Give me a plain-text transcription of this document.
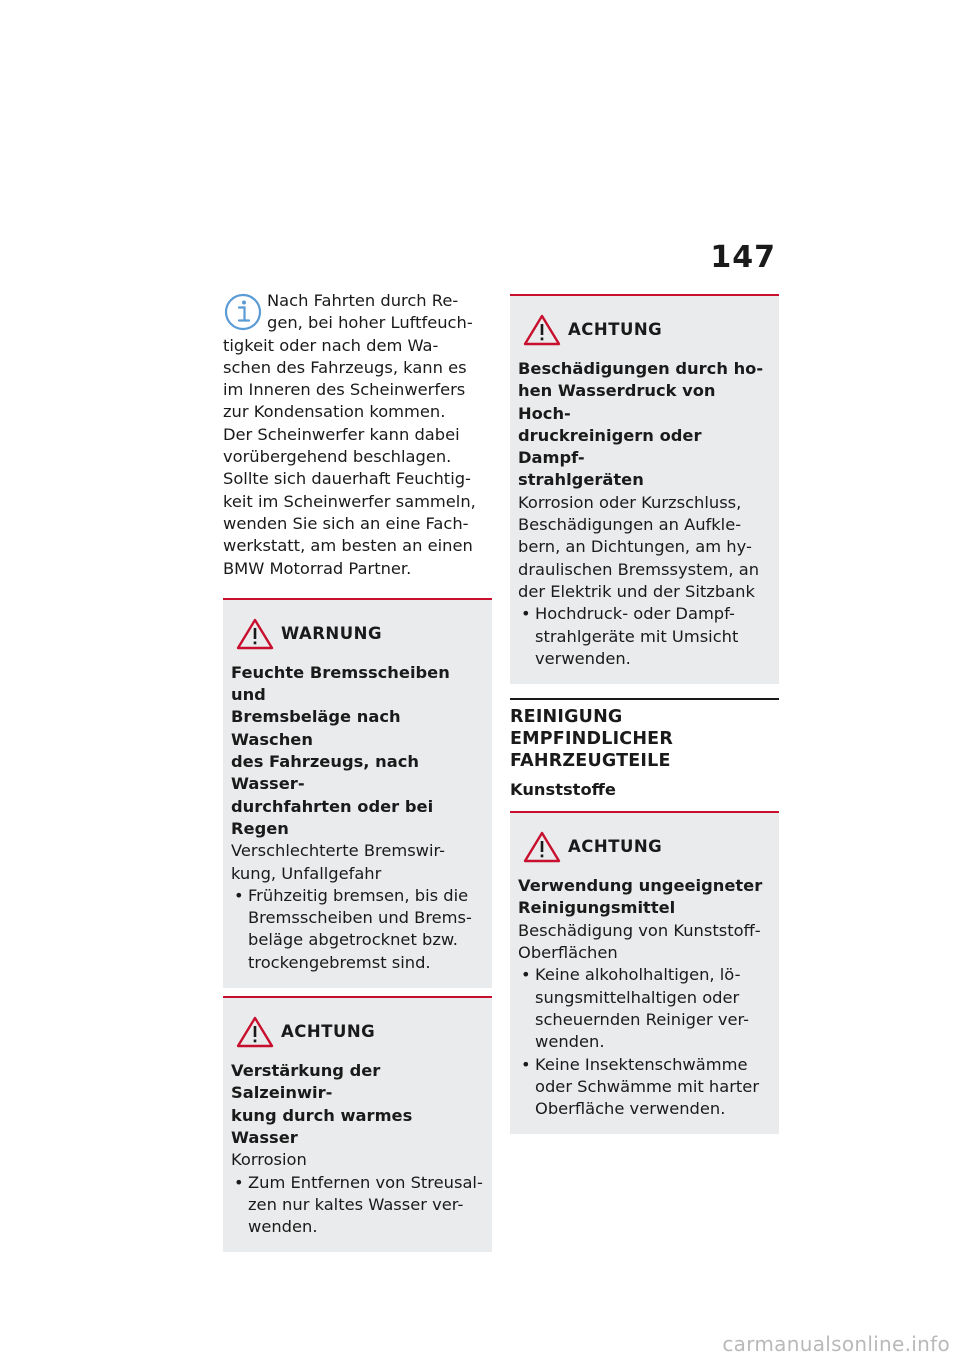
147
Nach Fahrten durch Re-
gen, bei hoher Luftfeuch-
tigkeit oder nach dem Wa-
schen des Fahrzeugs, kann es
im Inneren des Scheinwerfers
zur Kondensation kommen.
Der Scheinwerfer kann dabei
vorübergehend beschlagen.
Sollte sich dauerhaft Feuchtig-
keit im Scheinwerfer sammeln,
wenden Sie sich an eine Fach-
werkstatt, am besten an einen
BMW Motorrad Partner.
WARNUNG
Feuchte Bremsscheiben und
Bremsbeläge nach Waschen
des Fahrzeugs, nach Wasser-
durchfahrten oder bei Regen
Verschlechterte Bremswir-
kung, Unfallgefahr
• Frühzeitig bremsen, bis die
Bremsscheiben und Brems-
beläge abgetrocknet bzw.
trockengebremst sind.
ACHTUNG
Verstärkung der Salzeinwir-
kung durch warmes Wasser
Korrosion
• Zum Entfernen von Streusal-
zen nur kaltes Wasser ver-
wenden.
ACHTUNG
Beschädigungen durch ho-
hen Wasserdruck von Hoch-
druckreinigern oder Dampf-
strahlgeräten
Korrosion oder Kurzschluss,
Beschädigungen an Aufkle-
bern, an Dichtungen, am hy-
draulischen Bremssystem, an
der Elektrik und der Sitzbank
• Hochdruck- oder Dampf-
strahlgeräte mit Umsicht
verwenden.
REINIGUNG EMPFINDLICHER
FAHRZEUGTEILE
Kunststoffe
ACHTUNG
Verwendung ungeeigneter
Reinigungsmittel
Beschädigung von Kunststoff-
Oberflächen
• Keine alkoholhaltigen, lö-
sungsmittelhaltigen oder
scheuernden Reiniger ver-
wenden.
• Keine Insektenschwämme
oder Schwämme mit harter
Oberfläche verwenden.
carmanualsonline.info
